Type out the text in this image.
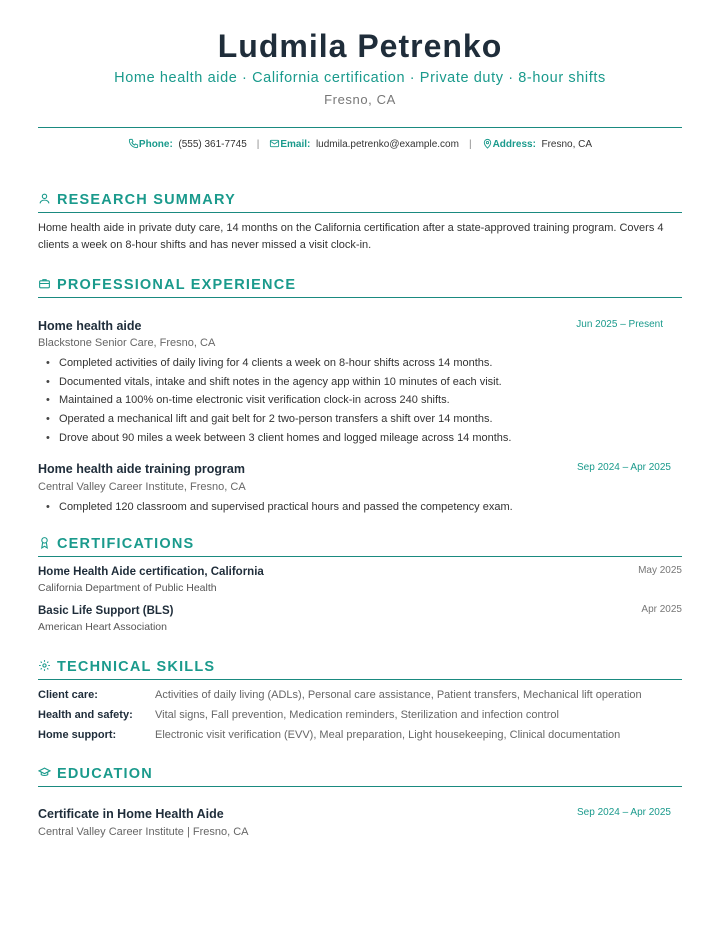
Ludmila Petrenko
Home health aide · California certification · Private duty · 8-hour shifts
Fresno, CA
Phone: (555) 361-7745 | Email: ludmila.petrenko@example.com | Address: Fresno, CA
RESEARCH SUMMARY
Home health aide in private duty care, 14 months on the California certification after a state-approved training program. Covers 4 clients a week on 8-hour shifts and has never missed a visit clock-in.
PROFESSIONAL EXPERIENCE
Home health aide	Jun 2025 – Present
Blackstone Senior Care, Fresno, CA
• Completed activities of daily living for 4 clients a week on 8-hour shifts across 14 months.
• Documented vitals, intake and shift notes in the agency app within 10 minutes of each visit.
• Maintained a 100% on-time electronic visit verification clock-in across 240 shifts.
• Operated a mechanical lift and gait belt for 2 two-person transfers a shift over 14 months.
• Drove about 90 miles a week between 3 client homes and logged mileage across 14 months.
Home health aide training program	Sep 2024 – Apr 2025
Central Valley Career Institute, Fresno, CA
• Completed 120 classroom and supervised practical hours and passed the competency exam.
CERTIFICATIONS
Home Health Aide certification, California	May 2025
California Department of Public Health
Basic Life Support (BLS)	Apr 2025
American Heart Association
TECHNICAL SKILLS
Client care:	Activities of daily living (ADLs), Personal care assistance, Patient transfers, Mechanical lift operation
Health and safety: Vital signs, Fall prevention, Medication reminders, Sterilization and infection control
Home support:	Electronic visit verification (EVV), Meal preparation, Light housekeeping, Clinical documentation
EDUCATION
Certificate in Home Health Aide	Sep 2024 – Apr 2025
Central Valley Career Institute | Fresno, CA
